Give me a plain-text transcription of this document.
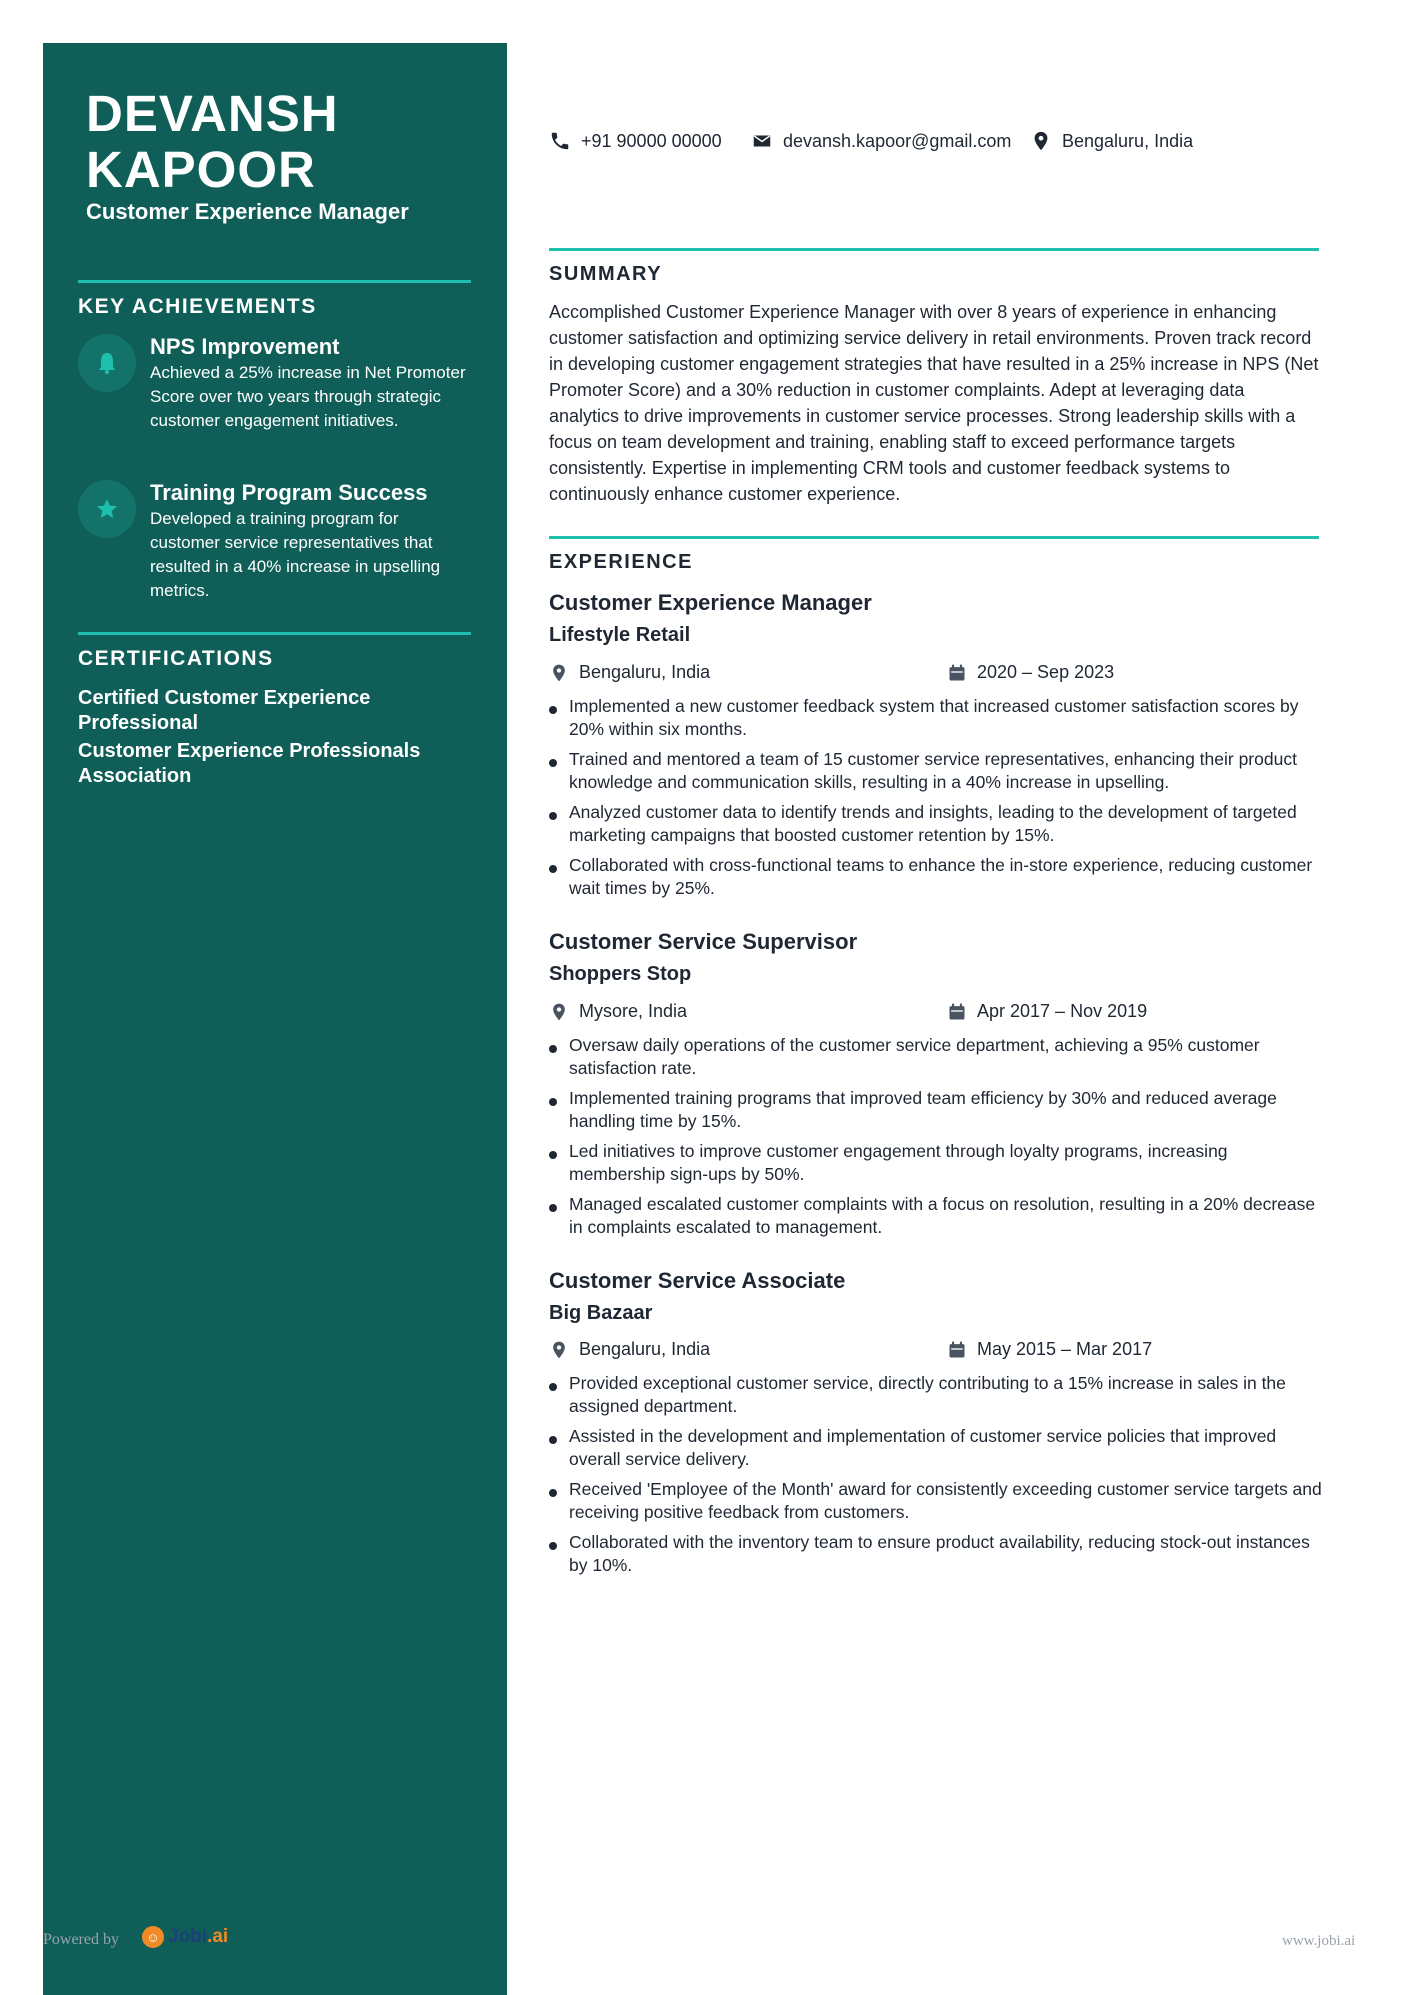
DEVANSH
KAPOOR
Customer Experience Manager
KEY ACHIEVEMENTS
NPS Improvement
Achieved a 25% increase in Net Promoter Score over two years through strategic customer engagement initiatives.
Training Program Success
Developed a training program for customer service representatives that resulted in a 40% increase in upselling metrics.
CERTIFICATIONS
Certified Customer Experience Professional
Customer Experience Professionals Association
+91 90000 00000	devansh.kapoor@gmail.com	Bengaluru, India
SUMMARY
Accomplished Customer Experience Manager with over 8 years of experience in enhancing customer satisfaction and optimizing service delivery in retail environments. Proven track record in developing customer engagement strategies that have resulted in a 25% increase in NPS (Net Promoter Score) and a 30% reduction in customer complaints. Adept at leveraging data analytics to drive improvements in customer service processes. Strong leadership skills with a focus on team development and training, enabling staff to exceed performance targets consistently. Expertise in implementing CRM tools and customer feedback systems to continuously enhance customer experience.
EXPERIENCE
Customer Experience Manager
Lifestyle Retail
Bengaluru, India	2020 – Sep 2023
Implemented a new customer feedback system that increased customer satisfaction scores by 20% within six months.
Trained and mentored a team of 15 customer service representatives, enhancing their product knowledge and communication skills, resulting in a 40% increase in upselling.
Analyzed customer data to identify trends and insights, leading to the development of targeted marketing campaigns that boosted customer retention by 15%.
Collaborated with cross-functional teams to enhance the in-store experience, reducing customer wait times by 25%.
Customer Service Supervisor
Shoppers Stop
Mysore, India	Apr 2017 – Nov 2019
Oversaw daily operations of the customer service department, achieving a 95% customer satisfaction rate.
Implemented training programs that improved team efficiency by 30% and reduced average handling time by 15%.
Led initiatives to improve customer engagement through loyalty programs, increasing membership sign-ups by 50%.
Managed escalated customer complaints with a focus on resolution, resulting in a 20% decrease in complaints escalated to management.
Customer Service Associate
Big Bazaar
Bengaluru, India	May 2015 – Mar 2017
Provided exceptional customer service, directly contributing to a 15% increase in sales in the assigned department.
Assisted in the development and implementation of customer service policies that improved overall service delivery.
Received 'Employee of the Month' award for consistently exceeding customer service targets and receiving positive feedback from customers.
Collaborated with the inventory team to ensure product availability, reducing stock-out instances by 10%.
Powered by	☺ Jobi .ai	www.jobi.ai
